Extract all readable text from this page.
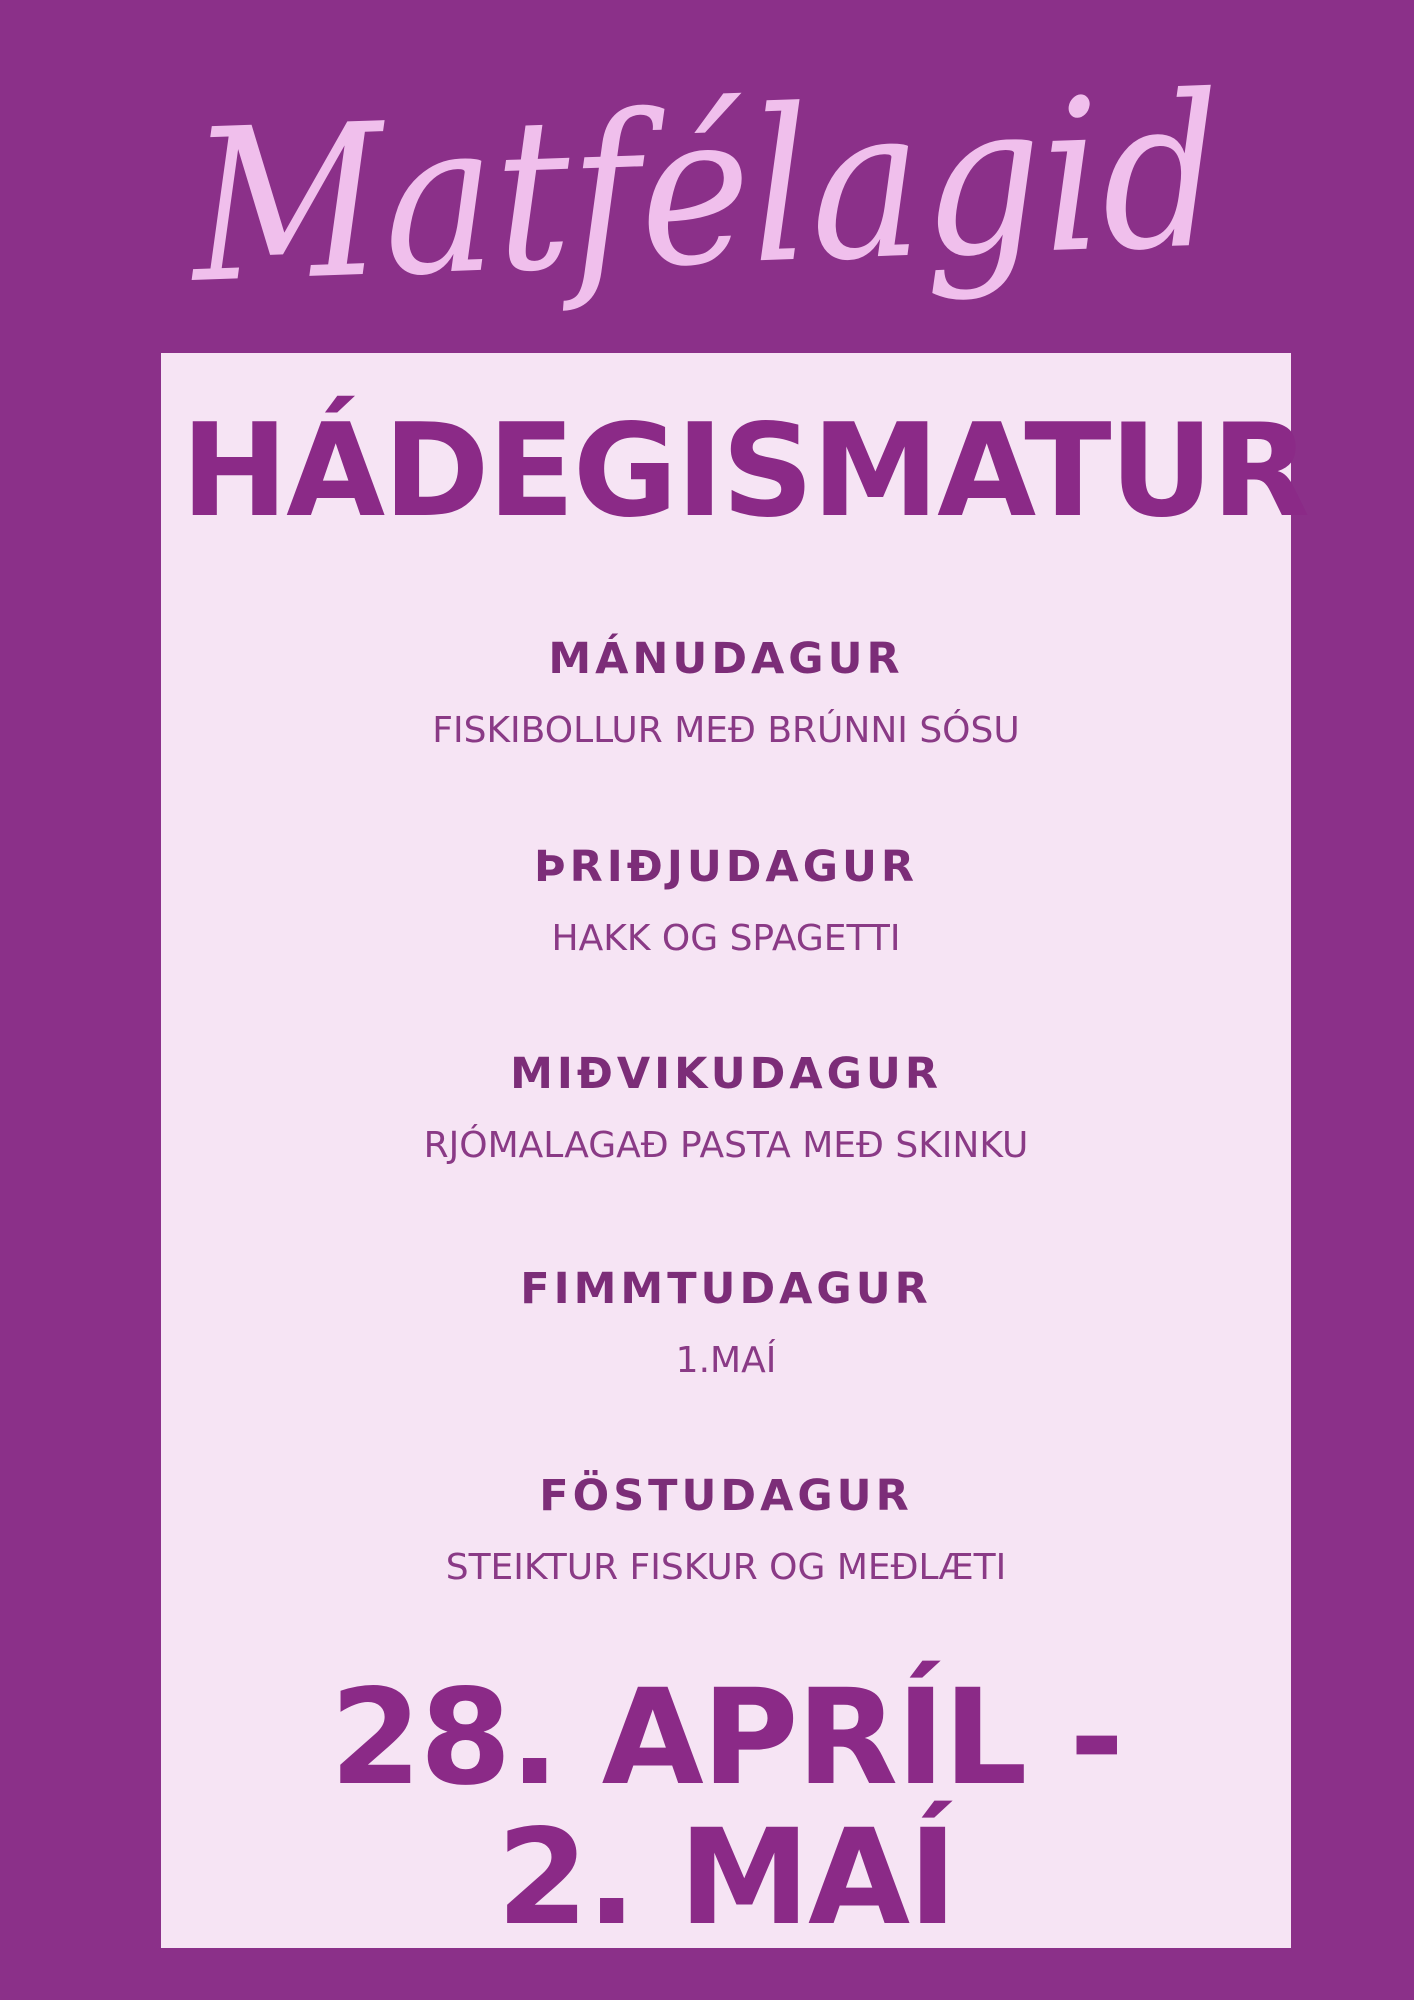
Matfélagid
HÁDEGISMATUR
MÁNUDAGUR
FISKIBOLLUR MEÐ BRÚNNI SÓSU
ÞRIÐJUDAGUR
HAKK OG SPAGETTI
MIÐVIKUDAGUR
RJÓMALAGAÐ PASTA MEÐ SKINKU
FIMMTUDAGUR
1.MAÍ
FÖSTUDAGUR
STEIKTUR FISKUR OG MEÐLÆTI
28. APRÍL -
2. MAÍ
